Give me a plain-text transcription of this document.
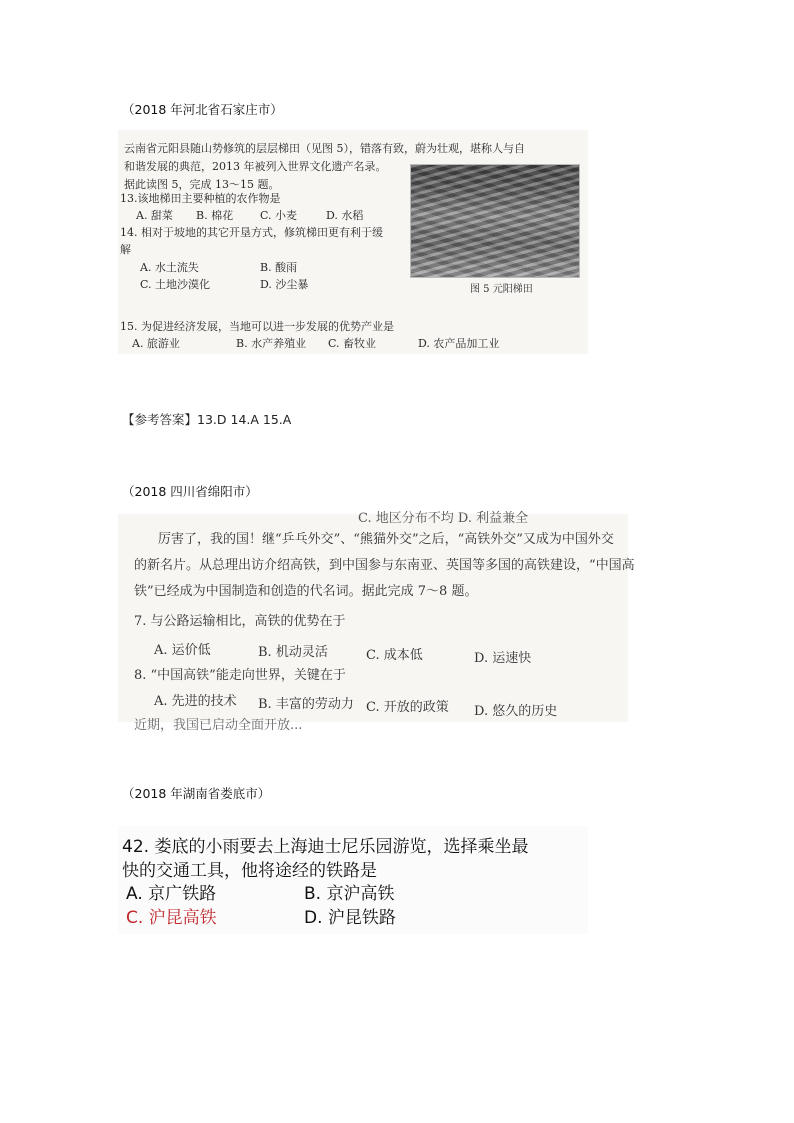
（2018 年河北省石家庄市）
云南省元阳县随山势修筑的层层梯田（见图 5），错落有致，蔚为壮观，堪称人与自
和谐发展的典范，2013 年被列入世界文化遗产名录。
据此读图 5，完成 13～15 题。
13.该地梯田主要种植的农作物是
A. 甜菜 B. 棉花 C. 小麦	D. 水稻
14. 相对于坡地的其它开垦方式，修筑梯田更有利于缓
解
A. 水土流失	B. 酸雨
C. 土地沙漠化	D. 沙尘暴	图 5 元阳梯田
15. 为促进经济发展，当地可以进一步发展的优势产业是
A. 旅游业	B. 水产养殖业 C. 畜牧业	D. 农产品加工业
【参考答案】13.D 14.A 15.A
（2018 四川省绵阳市）
C. 地区分布不均 D. 利益兼全
厉害了，我的国！继“乒乓外交”、“熊猫外交”之后，“高铁外交”又成为中国外交
的新名片。从总理出访介绍高铁，到中国参与东南亚、英国等多国的高铁建设，“中国高
铁”已经成为中国制造和创造的代名词。据此完成 7～8 题。
7. 与公路运输相比，高铁的优势在于
A. 运价低	B. 机动灵活	C. 成本低	D. 运速快
8. “中国高铁”能走向世界，关键在于
A. 先进的技术 B. 丰富的劳动力 C. 开放的政策 D. 悠久的历史
近期，我国已启动全面开放...
（2018 年湖南省娄底市）
42. 娄底的小雨要去上海迪士尼乐园游览，选择乘坐最
快的交通工具，他将途经的铁路是
A. 京广铁路	B. 京沪高铁
C. 沪昆高铁	D. 沪昆铁路
